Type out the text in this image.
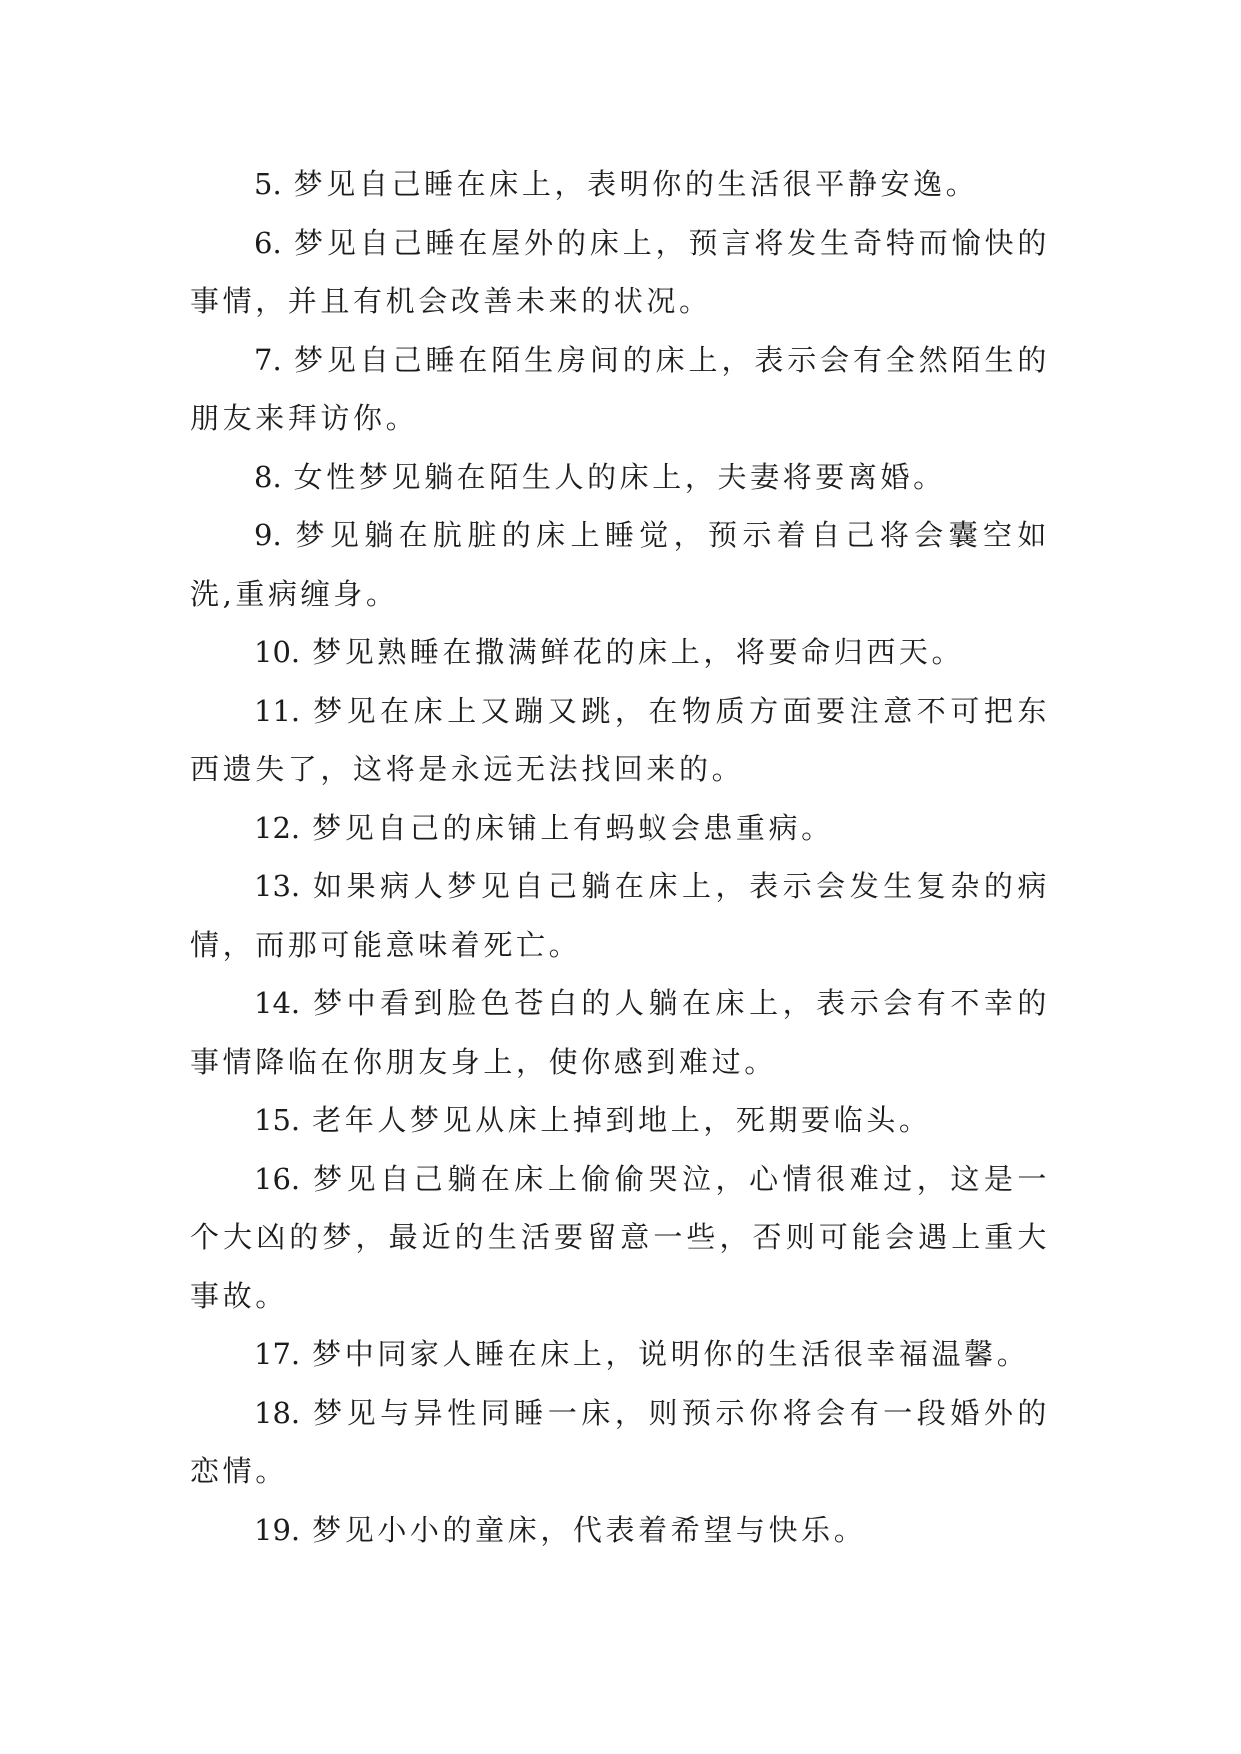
5. 梦见自己睡在床上，表明你的生活很平静安逸。

6. 梦见自己睡在屋外的床上，预言将发生奇特而愉快的事情，并且有机会改善未来的状况。

7. 梦见自己睡在陌生房间的床上，表示会有全然陌生的朋友来拜访你。

8. 女性梦见躺在陌生人的床上，夫妻将要离婚。

9. 梦见躺在肮脏的床上睡觉，预示着自己将会囊空如洗,重病缠身。

10. 梦见熟睡在撒满鲜花的床上，将要命归西天。

11. 梦见在床上又蹦又跳，在物质方面要注意不可把东西遗失了，这将是永远无法找回来的。

12. 梦见自己的床铺上有蚂蚁会患重病。

13. 如果病人梦见自己躺在床上，表示会发生复杂的病情，而那可能意味着死亡。

14. 梦中看到脸色苍白的人躺在床上，表示会有不幸的事情降临在你朋友身上，使你感到难过。

15. 老年人梦见从床上掉到地上，死期要临头。

16. 梦见自己躺在床上偷偷哭泣，心情很难过，这是一个大凶的梦，最近的生活要留意一些，否则可能会遇上重大事故。

17. 梦中同家人睡在床上，说明你的生活很幸福温馨。

18. 梦见与异性同睡一床，则预示你将会有一段婚外的恋情。

19. 梦见小小的童床，代表着希望与快乐。
